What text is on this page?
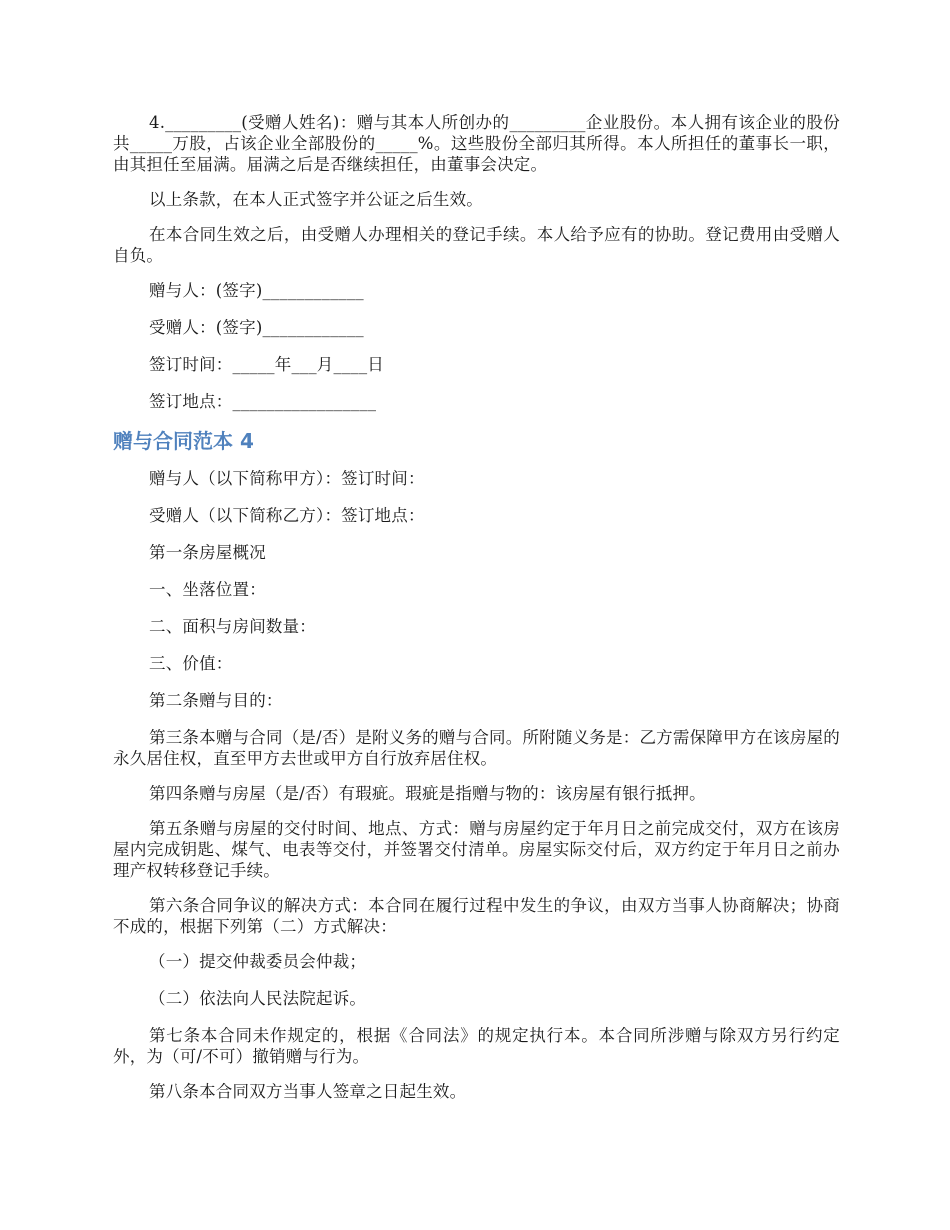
4._________(受赠人姓名)：赠与其本人所创办的_________企业股份。本人拥有该企业的股份共_____万股，占该企业全部股份的_____%。这些股份全部归其所得。本人所担任的董事长一职，由其担任至届满。届满之后是否继续担任，由董事会决定。

以上条款，在本人正式签字并公证之后生效。

在本合同生效之后，由受赠人办理相关的登记手续。本人给予应有的协助。登记费用由受赠人自负。

赠与人：(签字)____________

受赠人：(签字)____________

签订时间：_____年___月____日

签订地点：_________________

赠与合同范本 4

赠与人（以下简称甲方）：签订时间：

受赠人（以下简称乙方）：签订地点：

第一条房屋概况

一、坐落位置：

二、面积与房间数量：

三、价值：

第二条赠与目的：

第三条本赠与合同（是/否）是附义务的赠与合同。所附随义务是：乙方需保障甲方在该房屋的永久居住权，直至甲方去世或甲方自行放弃居住权。

第四条赠与房屋（是/否）有瑕疵。瑕疵是指赠与物的：该房屋有银行抵押。

第五条赠与房屋的交付时间、地点、方式：赠与房屋约定于年月日之前完成交付，双方在该房屋内完成钥匙、煤气、电表等交付，并签署交付清单。房屋实际交付后，双方约定于年月日之前办理产权转移登记手续。

第六条合同争议的解决方式：本合同在履行过程中发生的争议，由双方当事人协商解决；协商不成的，根据下列第（二）方式解决：

（一）提交仲裁委员会仲裁；

（二）依法向人民法院起诉。

第七条本合同未作规定的，根据《合同法》的规定执行本。本合同所涉赠与除双方另行约定外，为（可/不可）撤销赠与行为。

第八条本合同双方当事人签章之日起生效。
